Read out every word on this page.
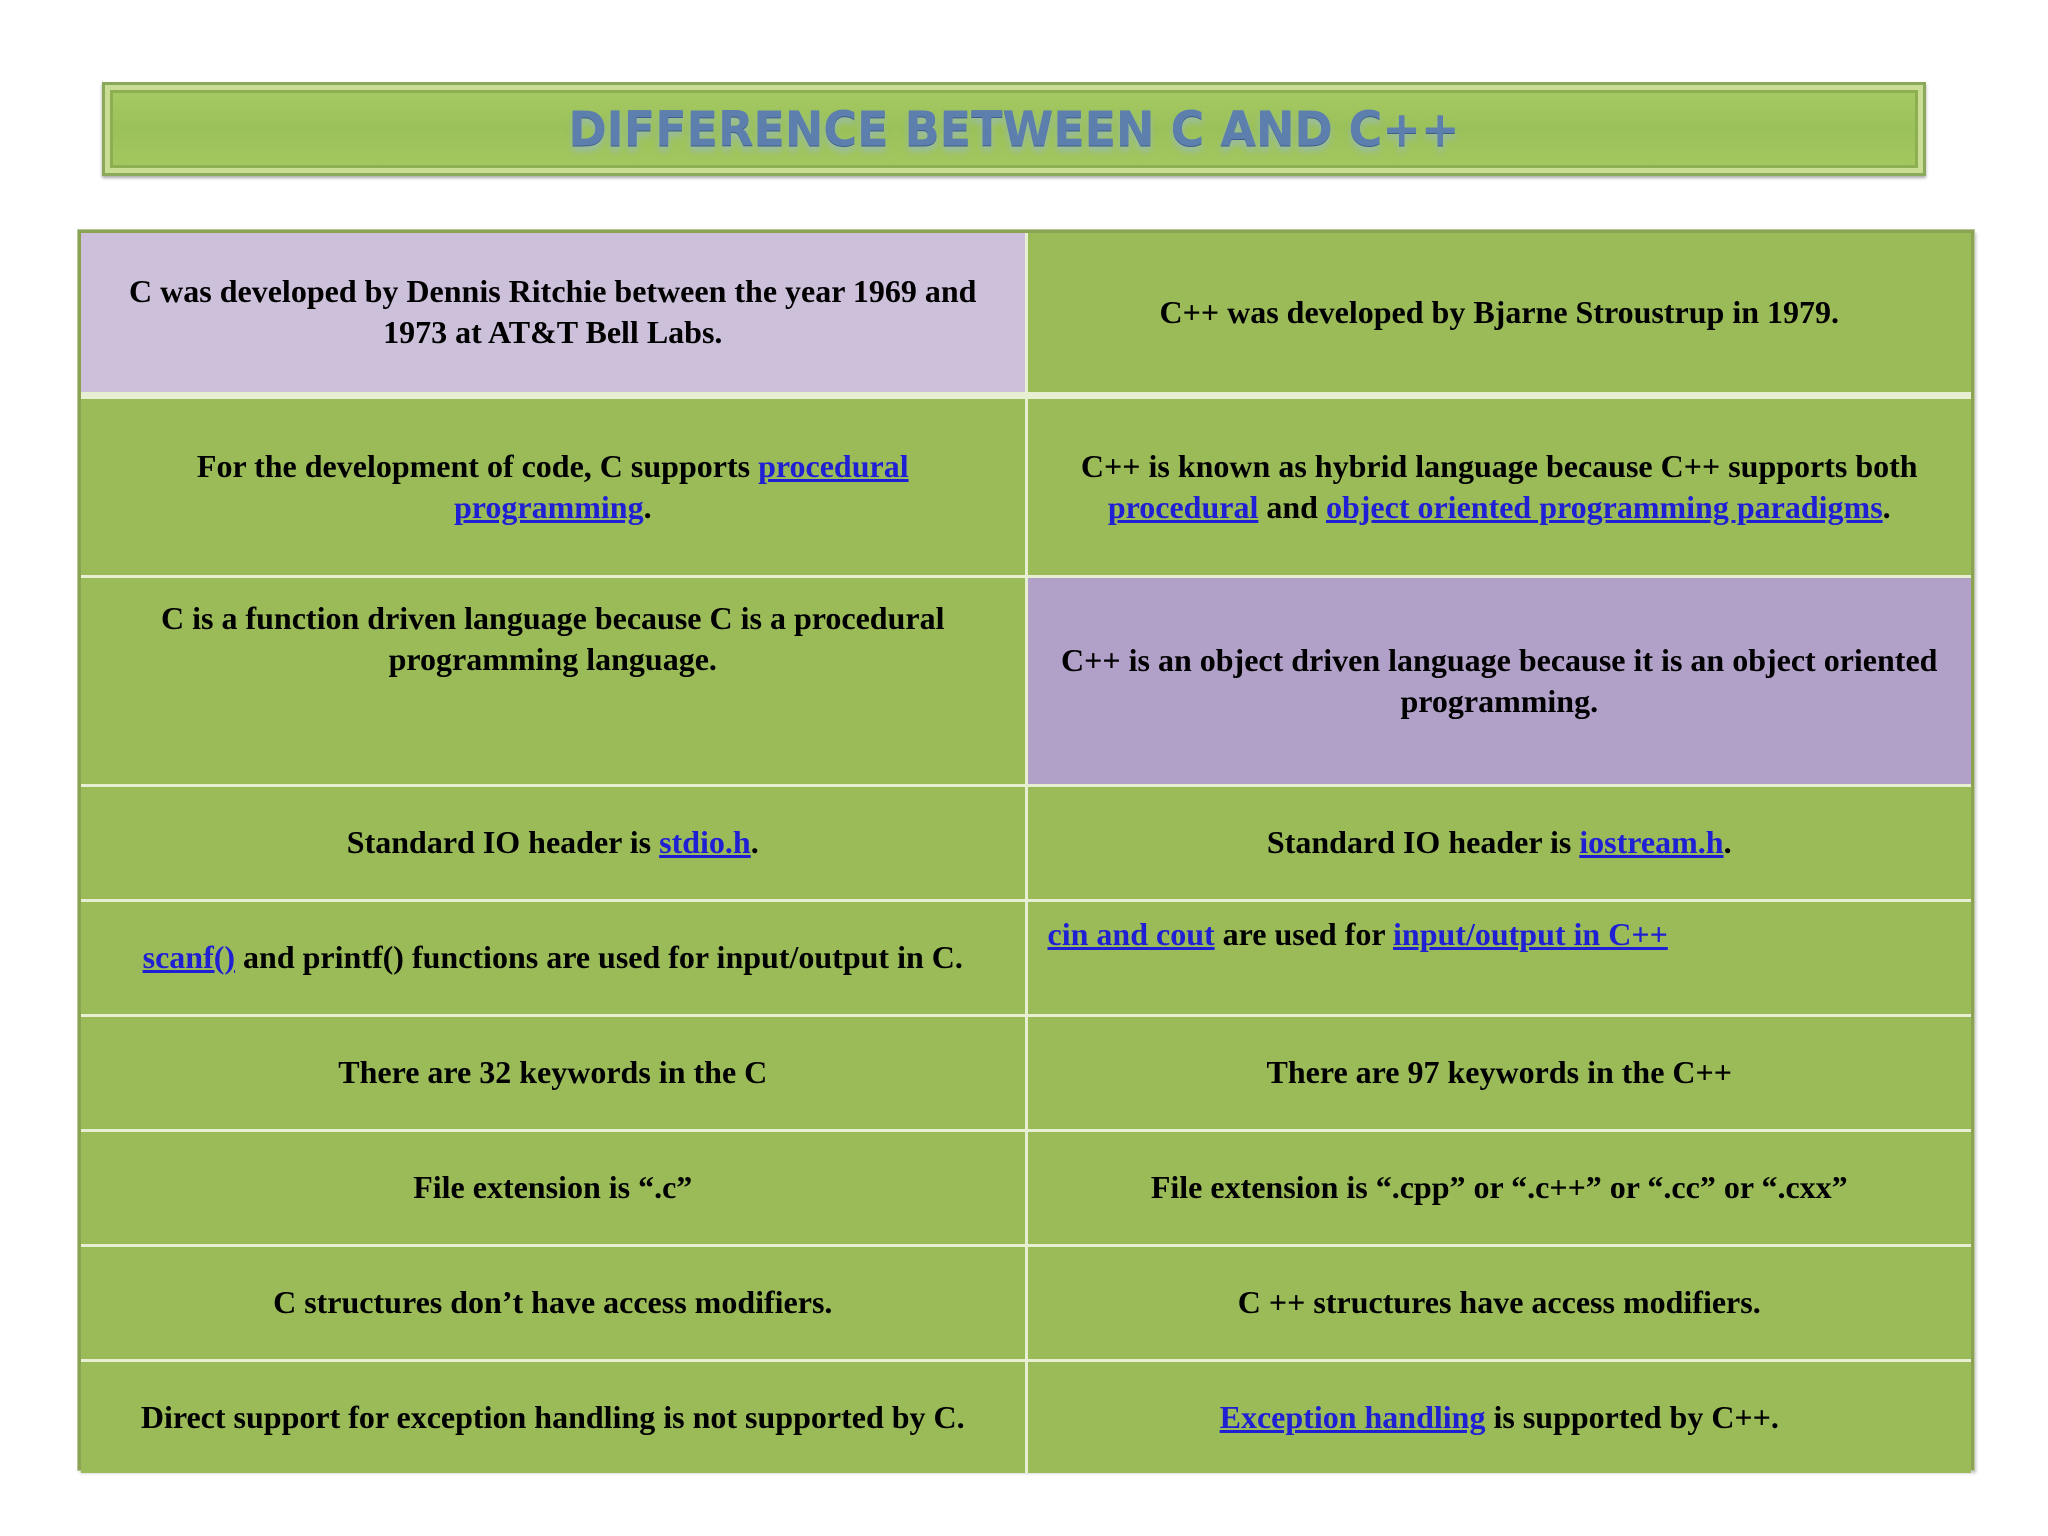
DIFFERENCE BETWEEN C AND C++
C was developed by Dennis Ritchie between the year 1969 and 1973 at AT&T Bell Labs.	C++ was developed by Bjarne Stroustrup in 1979.
For the development of code, C supports procedural programming.	C++ is known as hybrid language because C++ supports both procedural and object oriented programming paradigms.
C is a function driven language because C is a procedural programming language.	C++ is an object driven language because it is an object oriented programming.
Standard IO header is stdio.h.	Standard IO header is iostream.h.
scanf() and printf() functions are used for input/output in C.	cin and cout are used for input/output in C++
There are 32 keywords in the C	There are 97 keywords in the C++
File extension is “.c”	File extension is “.cpp” or “.c++” or “.cc” or “.cxx”
C structures don’t have access modifiers.	C ++ structures have access modifiers.
Direct support for exception handling is not supported by C.	Exception handling is supported by C++.
